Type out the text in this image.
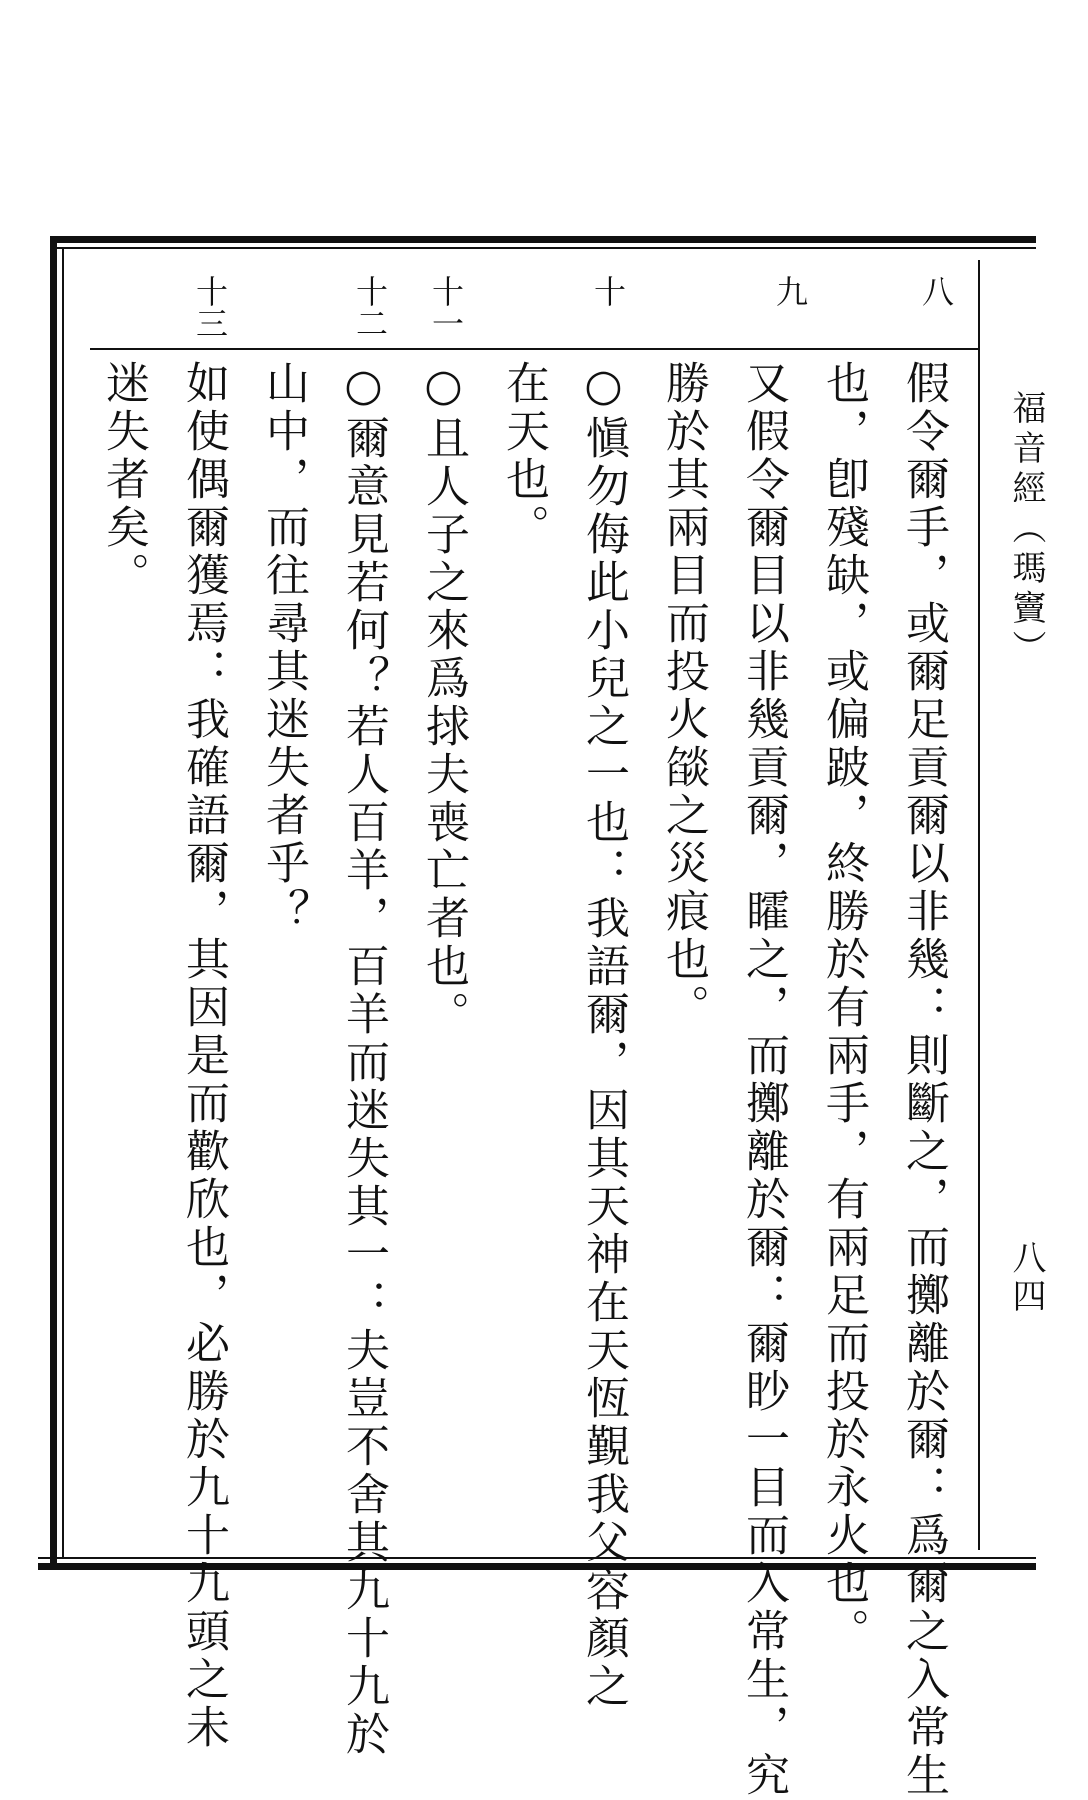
福音經（瑪竇）
八四
八
九
十
十一
十二
十三
假令爾手，或爾足貢爾以非幾：則斷之，而擲離於爾：爲爾之入常生
也，卽殘缺，或偏跛，終勝於有兩手，有兩足而投於永火也。
又假令爾目以非幾貢爾，矐之，而擲離於爾：爾眇一目而入常生，究
勝於其兩目而投火燄之災痕也。
○愼勿侮此小兒之一也：我語爾，因其天神在天恆覲我父容顏之
在天也。
○且人子之來爲捄夫喪亡者也。
○爾意見若何？若人百羊，百羊而迷失其一：夫豈不舍其九十九於
山中，而往尋其迷失者乎？
如使偶爾獲焉：我確語爾，其因是而歡欣也，必勝於九十九頭之未
迷失者矣。
